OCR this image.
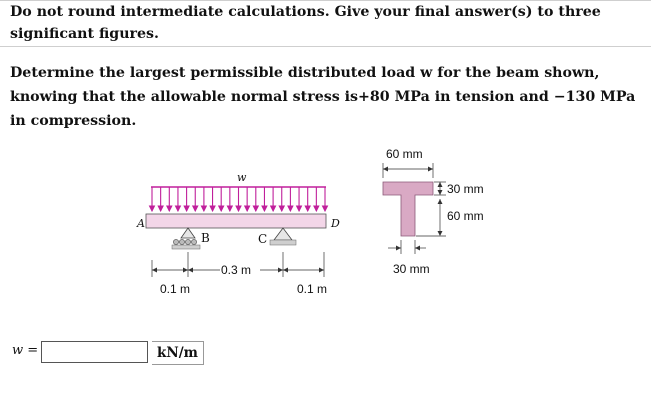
Do not round intermediate calculations. Give your final answer(s) to three significant figures.
Determine the largest permissible distributed load w for the beam shown, knowing that the allowable normal stress is+80 MPa in tension and −130 MPa in compression.
w
A	D
B	C
0.3 m
0.1 m	0.1 m
60 mm
30 mm
60 mm
30 mm
w =	kN/m
